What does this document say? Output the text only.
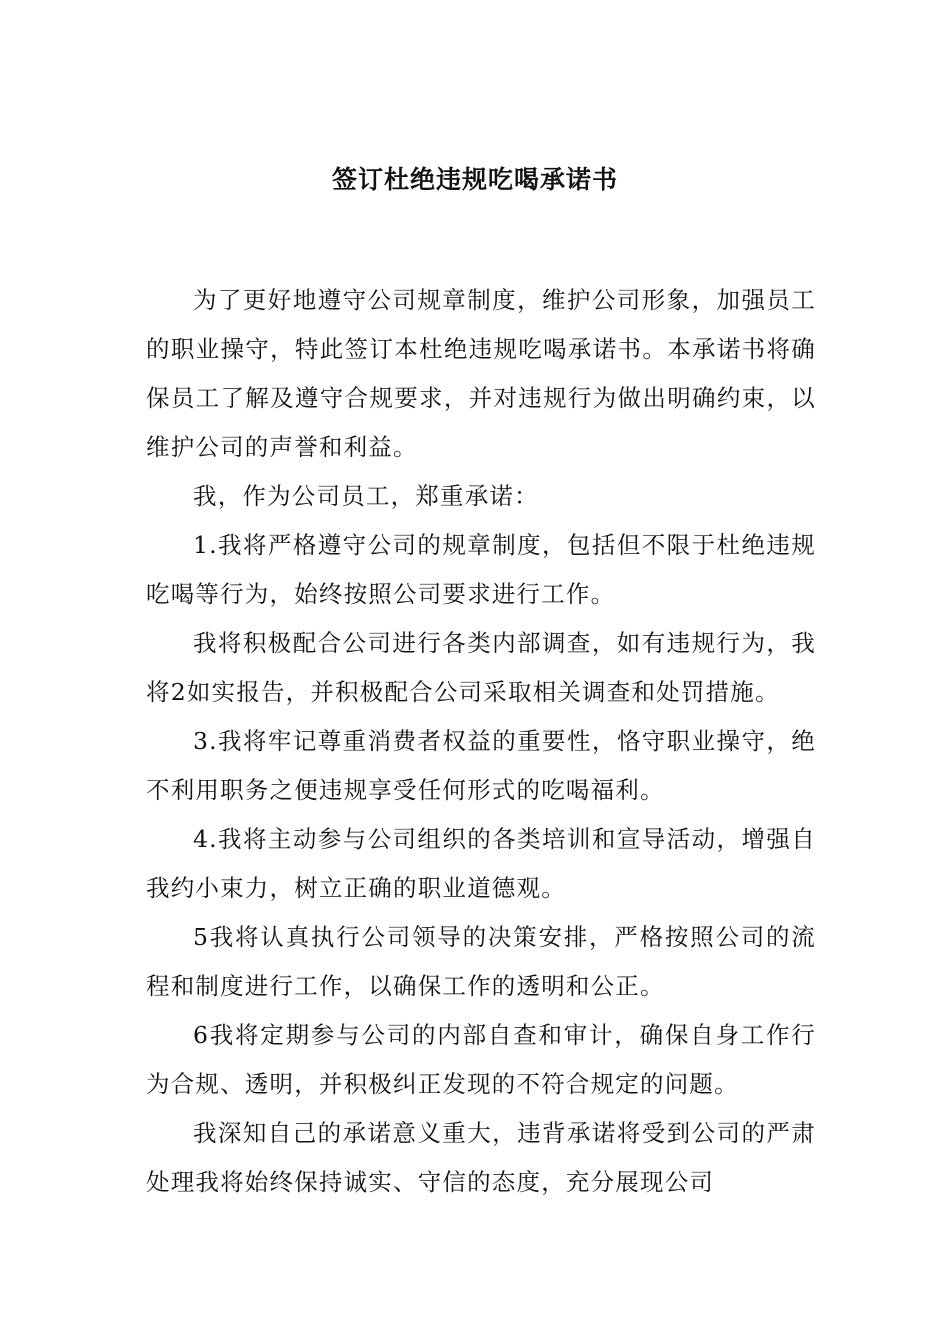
签订杜绝违规吃喝承诺书

为了更好地遵守公司规章制度，维护公司形象，加强员工的职业操守，特此签订本杜绝违规吃喝承诺书。本承诺书将确保员工了解及遵守合规要求，并对违规行为做出明确约束，以维护公司的声誉和利益。

我，作为公司员工，郑重承诺：

1.我将严格遵守公司的规章制度，包括但不限于杜绝违规吃喝等行为，始终按照公司要求进行工作。

我将积极配合公司进行各类内部调查，如有违规行为，我将2如实报告，并积极配合公司采取相关调查和处罚措施。

3.我将牢记尊重消费者权益的重要性，恪守职业操守，绝不利用职务之便违规享受任何形式的吃喝福利。

4.我将主动参与公司组织的各类培训和宣导活动，增强自我约小束力，树立正确的职业道德观。

5我将认真执行公司领导的决策安排，严格按照公司的流程和制度进行工作，以确保工作的透明和公正。

6我将定期参与公司的内部自查和审计，确保自身工作行为合规、透明，并积极纠正发现的不符合规定的问题。

我深知自己的承诺意义重大，违背承诺将受到公司的严肃处理我将始终保持诚实、守信的态度，充分展现公司
